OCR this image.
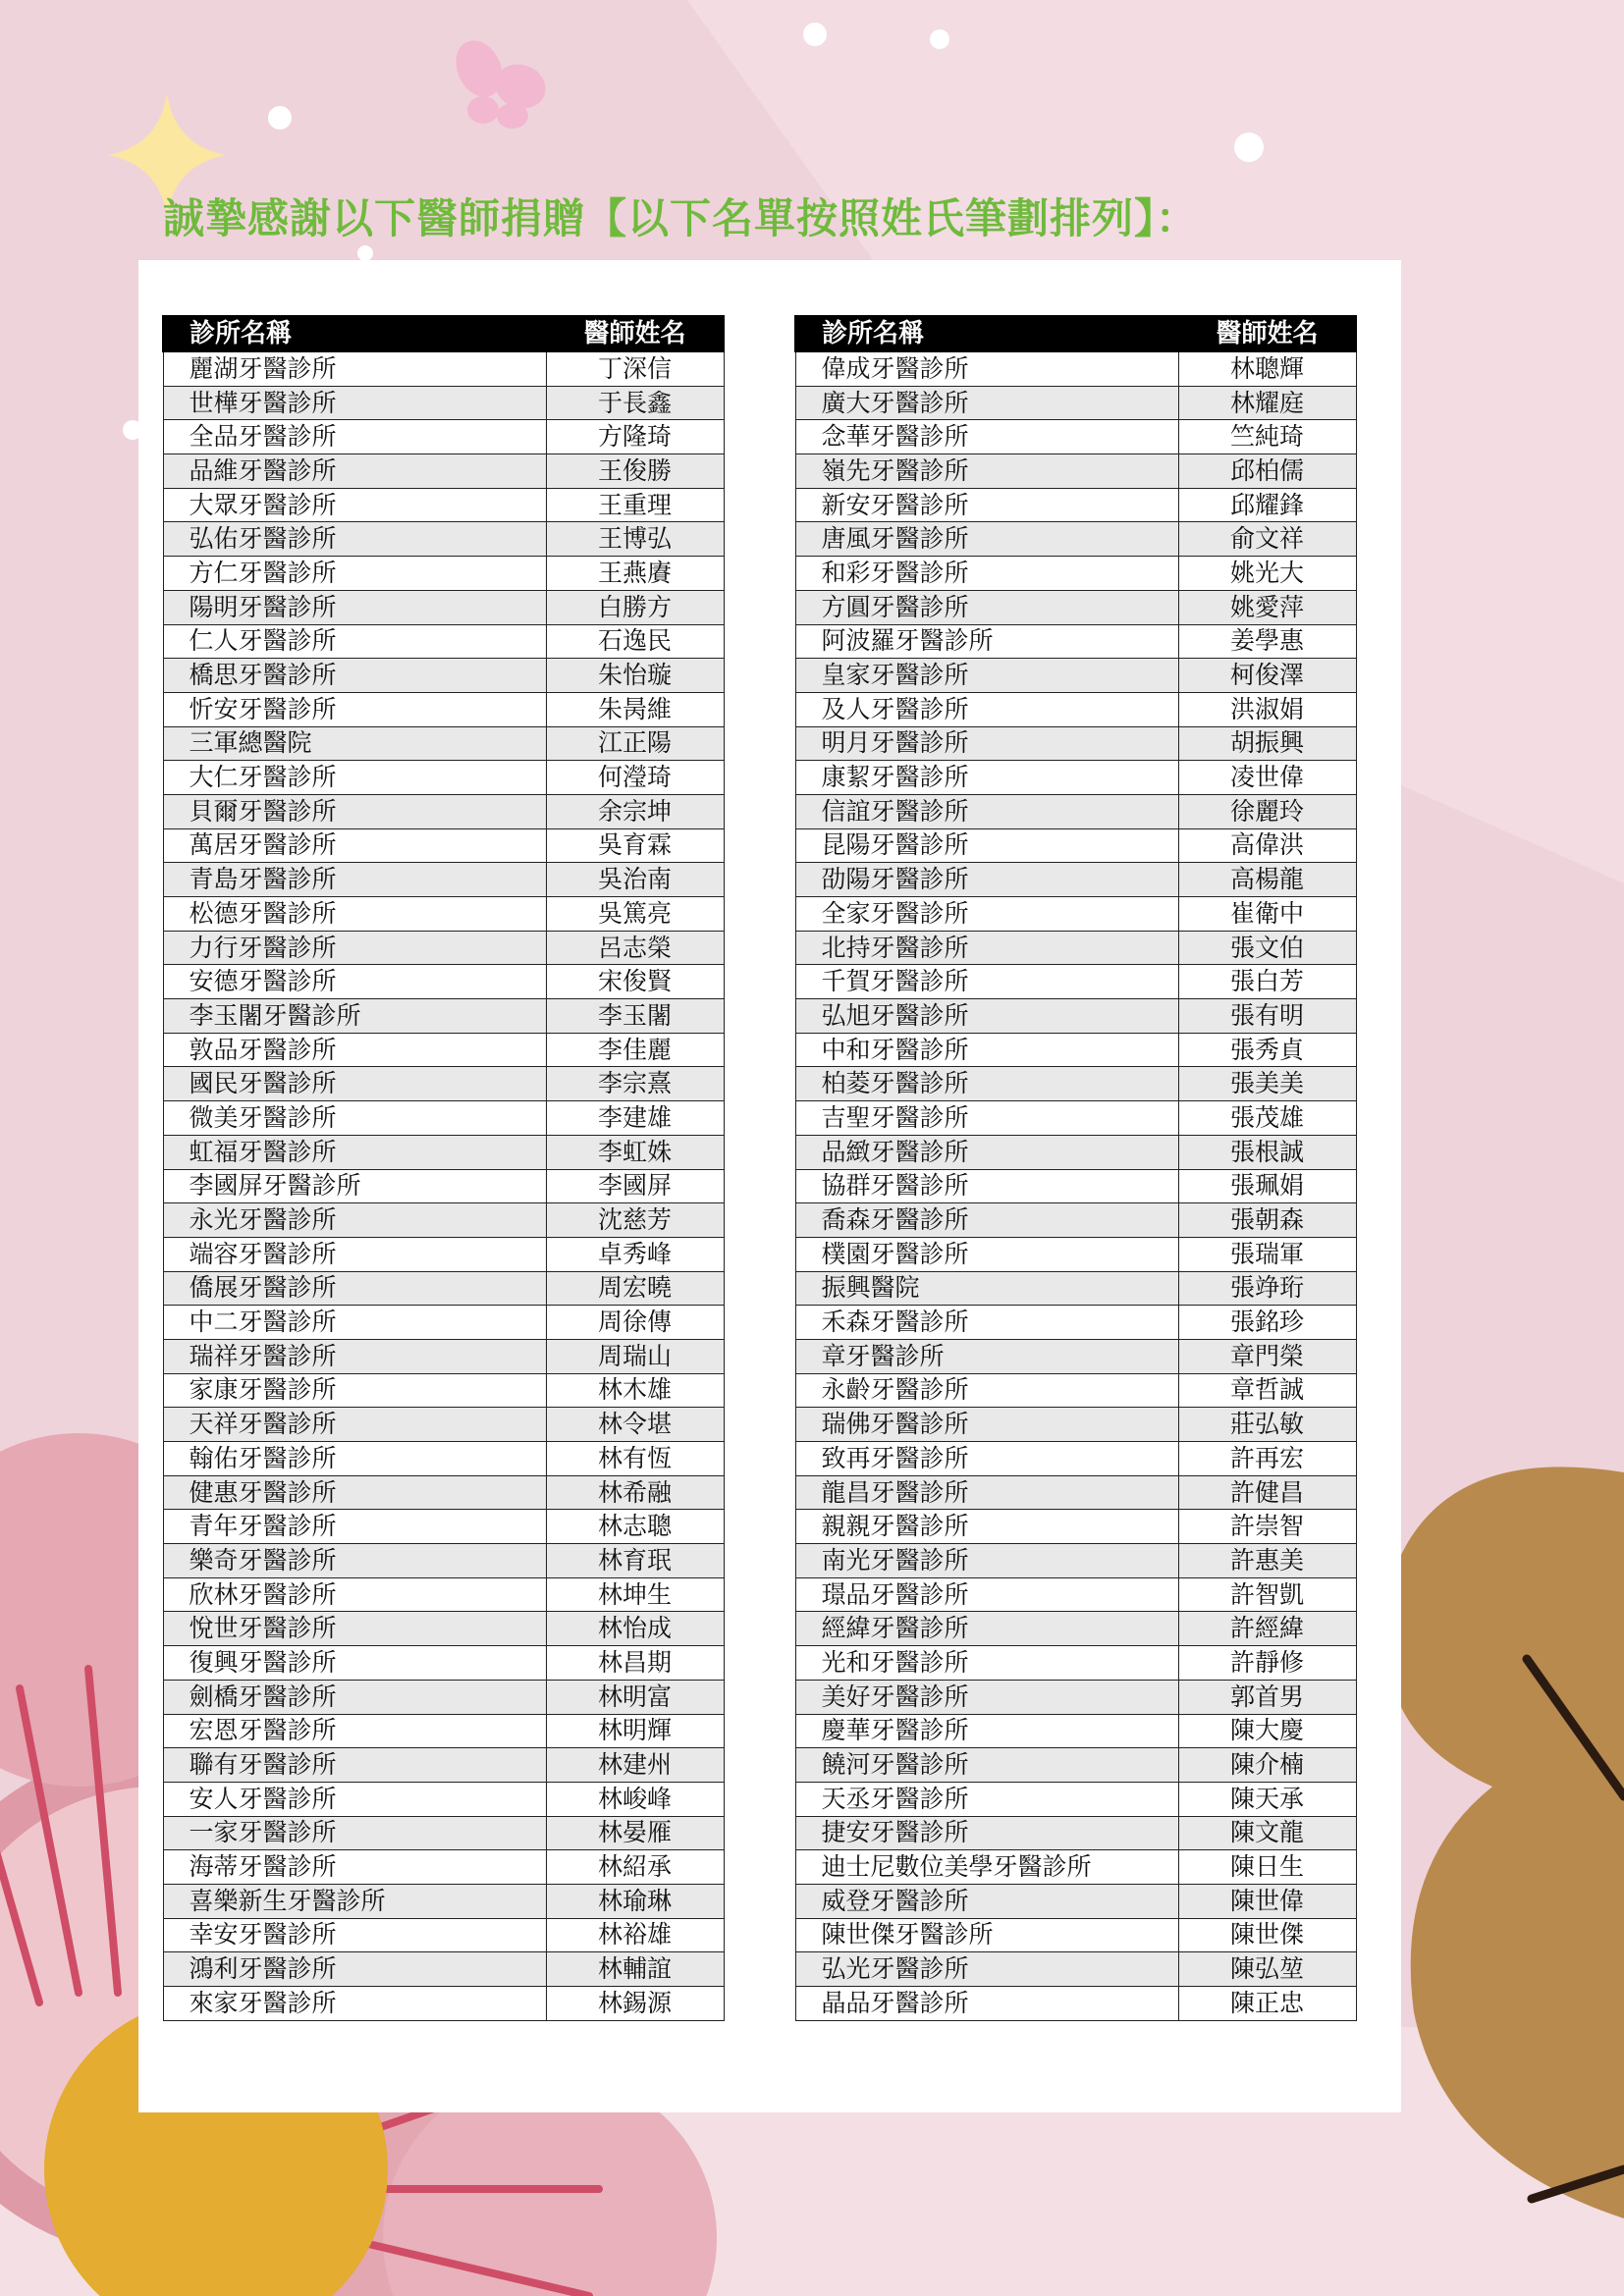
誠摯感謝以下醫師捐贈【以下名單按照姓氏筆劃排列】：
診所名稱	醫師姓名
麗湖牙醫診所	丁深信
世樺牙醫診所	于長鑫
全品牙醫診所	方隆琦
品維牙醫診所	王俊勝
大眾牙醫診所	王重理
弘佑牙醫診所	王博弘
方仁牙醫診所	王燕賡
陽明牙醫診所	白勝方
仁人牙醫診所	石逸民
橋思牙醫診所	朱怡璇
忻安牙醫診所	朱昺維
三軍總醫院	江正陽
大仁牙醫診所	何瀅琦
貝爾牙醫診所	余宗坤
萬居牙醫診所	吳育霖
青島牙醫診所	吳治南
松德牙醫診所	吳篤亮
力行牙醫診所	呂志榮
安德牙醫診所	宋俊賢
李玉闍牙醫診所	李玉闍
敦品牙醫診所	李佳麗
國民牙醫診所	李宗熹
微美牙醫診所	李建雄
虹福牙醫診所	李虹姝
李國屏牙醫診所	李國屏
永光牙醫診所	沈慈芳
端容牙醫診所	卓秀峰
僑展牙醫診所	周宏曉
中二牙醫診所	周徐傳
瑞祥牙醫診所	周瑞山
家康牙醫診所	林木雄
天祥牙醫診所	林令堪
翰佑牙醫診所	林有恆
健惠牙醫診所	林希融
青年牙醫診所	林志聰
樂奇牙醫診所	林育珉
欣林牙醫診所	林坤生
悅世牙醫診所	林怡成
復興牙醫診所	林昌期
劍橋牙醫診所	林明富
宏恩牙醫診所	林明輝
聯有牙醫診所	林建州
安人牙醫診所	林峻峰
一家牙醫診所	林晏雁
海蒂牙醫診所	林紹承
喜樂新生牙醫診所	林瑜琳
幸安牙醫診所	林裕雄
鴻利牙醫診所	林輔誼
來家牙醫診所	林錫源
診所名稱	醫師姓名
偉成牙醫診所	林聰輝
廣大牙醫診所	林耀庭
念華牙醫診所	竺純琦
嶺先牙醫診所	邱柏儒
新安牙醫診所	邱耀鋒
唐風牙醫診所	俞文祥
和彩牙醫診所	姚光大
方圓牙醫診所	姚愛萍
阿波羅牙醫診所	姜學惠
皇家牙醫診所	柯俊澤
及人牙醫診所	洪淑娟
明月牙醫診所	胡振興
康絜牙醫診所	凌世偉
信誼牙醫診所	徐麗玲
昆陽牙醫診所	高偉洪
劭陽牙醫診所	高楊龍
全家牙醫診所	崔衛中
北持牙醫診所	張文伯
千賀牙醫診所	張白芳
弘旭牙醫診所	張有明
中和牙醫診所	張秀貞
柏菱牙醫診所	張美美
吉聖牙醫診所	張茂雄
品緻牙醫診所	張根誠
協群牙醫診所	張珮娟
喬森牙醫診所	張朝森
樸園牙醫診所	張瑞軍
振興醫院	張竫珩
禾森牙醫診所	張銘珍
章牙醫診所	章門榮
永齡牙醫診所	章哲誠
瑞佛牙醫診所	莊弘敏
致再牙醫診所	許再宏
龍昌牙醫診所	許健昌
親親牙醫診所	許崇智
南光牙醫診所	許惠美
璟品牙醫診所	許智凱
經緯牙醫診所	許經緯
光和牙醫診所	許靜修
美好牙醫診所	郭首男
慶華牙醫診所	陳大慶
饒河牙醫診所	陳介楠
天丞牙醫診所	陳天承
捷安牙醫診所	陳文龍
迪士尼數位美學牙醫診所	陳日生
威登牙醫診所	陳世偉
陳世傑牙醫診所	陳世傑
弘光牙醫診所	陳弘堃
晶品牙醫診所	陳正忠
